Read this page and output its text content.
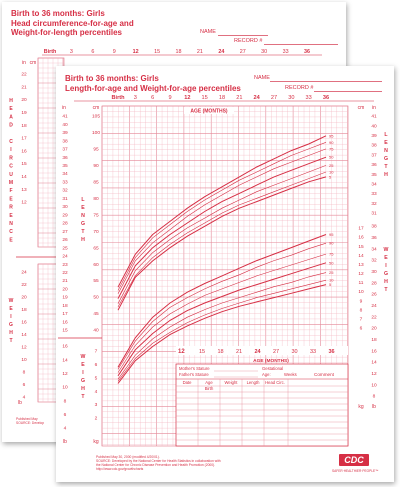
Birth to 36 months: Girls
Head circumference-for-age and
Weight-for-length percentiles	NAME
RECORD #
Birth	3	6	9	12	15	18	21	24	27	30	33	36
in cm
H
E
A
D
C
I
R
C
U
M
F
E
R
E
N
C
E
22
21
20
19
18
17
16
15
14
13
12
W
E
I
G
H
T
24
22
20
18
16
14
12
10
8
6
4
lb
Published May
SOURCE: Develop
Birth to 36 months: Girls
Length-for-age and Weight-for-age percentiles
NAME
RECORD #
Birth 3	6	9 12 15 18 21 24 27 30 33 36
AGE (MONTHS)
in	cm	cm in
41
40
39
38
37
36
35
34
33
32
31
30
29
28
27
26
25
24
23
22
21
20
19
18
17
16
15
105
100
95
90
85
80
75
70
65
60
55
50
45
40
L
E
N
G
T
H
41
40
39
38
37
36
35
34
33
32
31
L
E
N
G
T
H
38
36
34
32
30
28
26
24
22
20
18
16
14
12
10
8
17
16
15
14
13
12
11
10
9
8
7
6
W
E
I
G
H
T
lb
kg
16
14
12
10
8
6
4
7
6
5
4
3
2
W
E
I
G
H
T
lb	kg
95
90
75
50
25
10
5
95
90
75
50
25
10
5
12	15 18 21 24 27 30 33 36
AGE (MONTHS)
Mother's Stature
Father's Stature
Gestational
Age:	Weeks	Comment
Date	Age	Weight Length Head Circ.
Birth
Published May 30, 2000 (modified 4/20/01).
SOURCE: Developed by the National Center for Health Statistics in collaboration with
the National Center for Chronic Disease Prevention and Health Promotion (2000).
http://www.cdc.gov/growthcharts
CDC
SAFER·HEALTHIER·PEOPLE™
